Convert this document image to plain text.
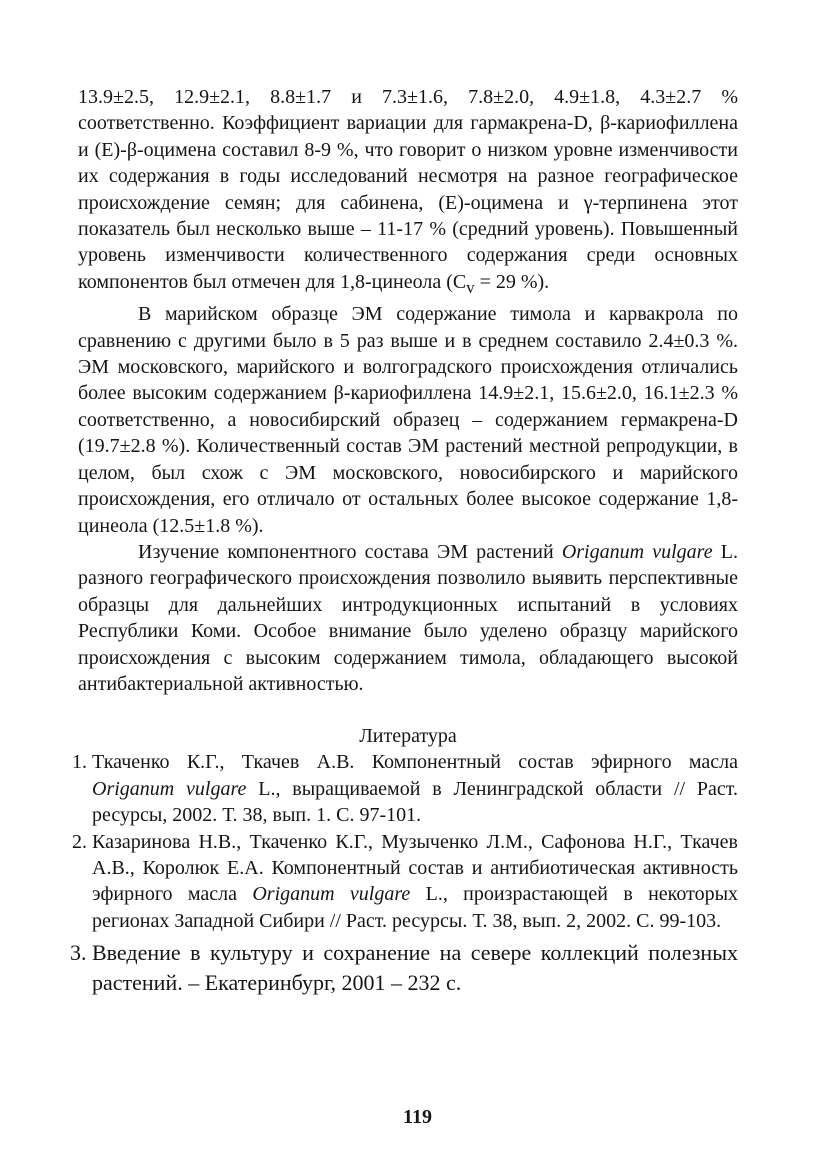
13.9±2.5, 12.9±2.1, 8.8±1.7 и 7.3±1.6, 7.8±2.0, 4.9±1.8, 4.3±2.7 % соответственно. Коэффициент вариации для гармакрена-D, β-кариофиллена и (Е)-β-оцимена составил 8-9 %, что говорит о низком уровне изменчивости их содержания в годы исследований несмотря на разное географическое происхождение семян; для сабинена, (Е)-оцимена и γ-терпинена этот показатель был несколько выше – 11-17 % (средний уровень). Повышенный уровень изменчивости количественного содержания среди основных компонентов был отмечен для 1,8-цинеола ($C_v = 29$ %).

В марийском образце ЭМ содержание тимола и карвакрола по сравнению с другими было в 5 раз выше и в среднем составило 2.4±0.3 %. ЭМ московского, марийского и волгоградского происхождения отличались более высоким содержанием β-кариофиллена 14.9±2.1, 15.6±2.0, 16.1±2.3 % соответственно, а новосибирский образец – содержанием гермакрена-D (19.7±2.8 %). Количественный состав ЭМ растений местной репродукции, в целом, был схож с ЭМ московского, новосибирского и марийского происхождения, его отличало от остальных более высокое содержание 1,8-цинеола (12.5±1.8 %).

Изучение компонентного состава ЭМ растений Origanum vulgare L. разного географического происхождения позволило выявить перспективные образцы для дальнейших интродукционных испытаний в условиях Республики Коми. Особое внимание было уделено образцу марийского происхождения с высоким содержанием тимола, обладающего высокой антибактериальной активностью.

Литература
1. Ткаченко К.Г., Ткачев А.В. Компонентный состав эфирного масла Origanum vulgare L., выращиваемой в Ленинградской области // Раст. ресурсы, 2002. Т. 38, вып. 1. С. 97-101.
2. Казаринова Н.В., Ткаченко К.Г., Музыченко Л.М., Сафонова Н.Г., Ткачев А.В., Королюк Е.А. Компонентный состав и антибиотическая активность эфирного масла Origanum vulgare L., произрастающей в некоторых регионах Западной Сибири // Раст. ресурсы. Т. 38, вып. 2, 2002. С. 99-103.
3. Введение в культуру и сохранение на севере коллекций полезных растений. – Екатеринбург, 2001 – 232 с.
119
